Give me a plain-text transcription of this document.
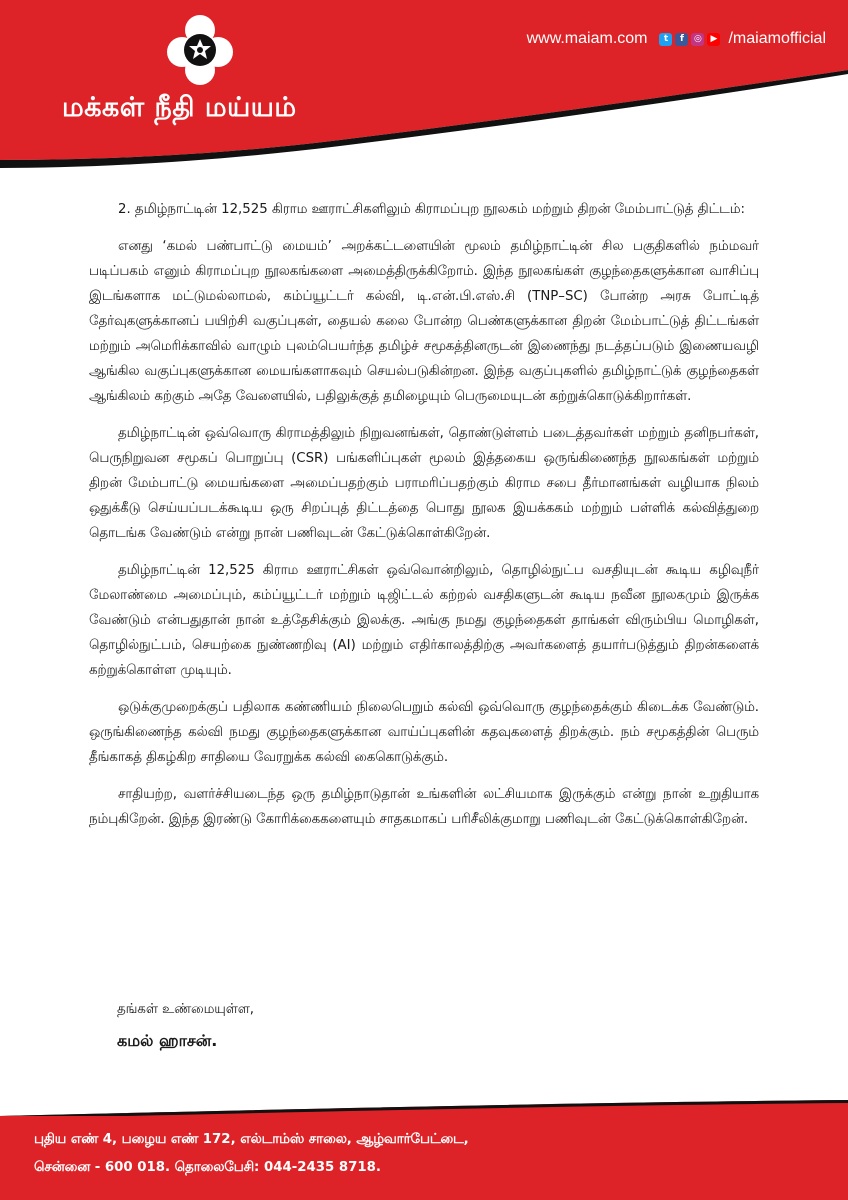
மக்கள் நீதி மய்யம்
www.maiam.com	t	f	◎ ▶ /maiamofficial

2. தமிழ்நாட்டின் 12,525 கிராம ஊராட்சிகளிலும் கிராமப்புற நூலகம் மற்றும் திறன் மேம்பாட்டுத் திட்டம்:

எனது ‘கமல் பண்பாட்டு மையம்’ அறக்கட்டளையின் மூலம் தமிழ்நாட்டின் சில பகுதிகளில் நம்மவர் படிப்பகம் எனும் கிராமப்புற நூலகங்களை அமைத்திருக்கிறோம். இந்த நூலகங்கள் குழந்தைகளுக்கான வாசிப்பு இடங்களாக மட்டுமல்லாமல், கம்ப்யூட்டர் கல்வி, டி.என்.பி.எஸ்.சி (TNP–SC) போன்ற அரசு போட்டித் தேர்வுகளுக்கானப் பயிற்சி வகுப்புகள், தையல் கலை போன்ற பெண்களுக்கான திறன் மேம்பாட்டுத் திட்டங்கள் மற்றும் அமெரிக்காவில் வாழும் புலம்பெயர்ந்த தமிழ்ச் சமூகத்தினருடன் இணைந்து நடத்தப்படும் இணையவழி ஆங்கில வகுப்புகளுக்கான மையங்களாகவும் செயல்படுகின்றன. இந்த வகுப்புகளில் தமிழ்நாட்டுக் குழந்தைகள் ஆங்கிலம் கற்கும் அதே வேளையில், பதிலுக்குத் தமிழையும் பெருமையுடன் கற்றுக்கொடுக்கிறார்கள்.

தமிழ்நாட்டின் ஒவ்வொரு கிராமத்திலும் நிறுவனங்கள், தொண்டுள்ளம் படைத்தவர்கள் மற்றும் தனிநபர்கள், பெருநிறுவன சமூகப் பொறுப்பு (CSR) பங்களிப்புகள் மூலம் இத்தகைய ஒருங்கிணைந்த நூலகங்கள் மற்றும் திறன் மேம்பாட்டு மையங்களை அமைப்பதற்கும் பராமரிப்பதற்கும் கிராம சபை தீர்மானங்கள் வழியாக நிலம் ஒதுக்கீடு செய்யப்படக்கூடிய ஒரு சிறப்புத் திட்டத்தை பொது நூலக இயக்ககம் மற்றும் பள்ளிக் கல்வித்துறை தொடங்க வேண்டும் என்று நான் பணிவுடன் கேட்டுக்கொள்கிறேன்.

தமிழ்நாட்டின் 12,525 கிராம ஊராட்சிகள் ஒவ்வொன்றிலும், தொழில்நுட்ப வசதியுடன் கூடிய கழிவுநீர் மேலாண்மை அமைப்பும், கம்ப்யூட்டர் மற்றும் டிஜிட்டல் கற்றல் வசதிகளுடன் கூடிய நவீன நூலகமும் இருக்க வேண்டும் என்பதுதான் நான் உத்தேசிக்கும் இலக்கு. அங்கு நமது குழந்தைகள் தாங்கள் விரும்பிய மொழிகள், தொழில்நுட்பம், செயற்கை நுண்ணறிவு (AI) மற்றும் எதிர்காலத்திற்கு அவர்களைத் தயார்படுத்தும் திறன்களைக் கற்றுக்கொள்ள முடியும்.

ஒடுக்குமுறைக்குப் பதிலாக கண்ணியம் நிலைபெறும் கல்வி ஒவ்வொரு குழந்தைக்கும் கிடைக்க வேண்டும். ஒருங்கிணைந்த கல்வி நமது குழந்தைகளுக்கான வாய்ப்புகளின் கதவுகளைத் திறக்கும். நம் சமூகத்தின் பெரும் தீங்காகத் திகழ்கிற சாதியை வேரறுக்க கல்வி கைகொடுக்கும்.

சாதியற்ற, வளர்ச்சியடைந்த ஒரு தமிழ்நாடுதான் உங்களின் லட்சியமாக இருக்கும் என்று நான் உறுதியாக நம்புகிறேன். இந்த இரண்டு கோரிக்கைகளையும் சாதகமாகப் பரிசீலிக்குமாறு பணிவுடன் கேட்டுக்கொள்கிறேன்.

தங்கள் உண்மையுள்ள,
கமல் ஹாசன்.
புதிய எண் 4, பழைய எண் 172, எல்டாம்ஸ் சாலை, ஆழ்வார்பேட்டை,
சென்னை - 600 018. தொலைபேசி: 044-2435 8718.
